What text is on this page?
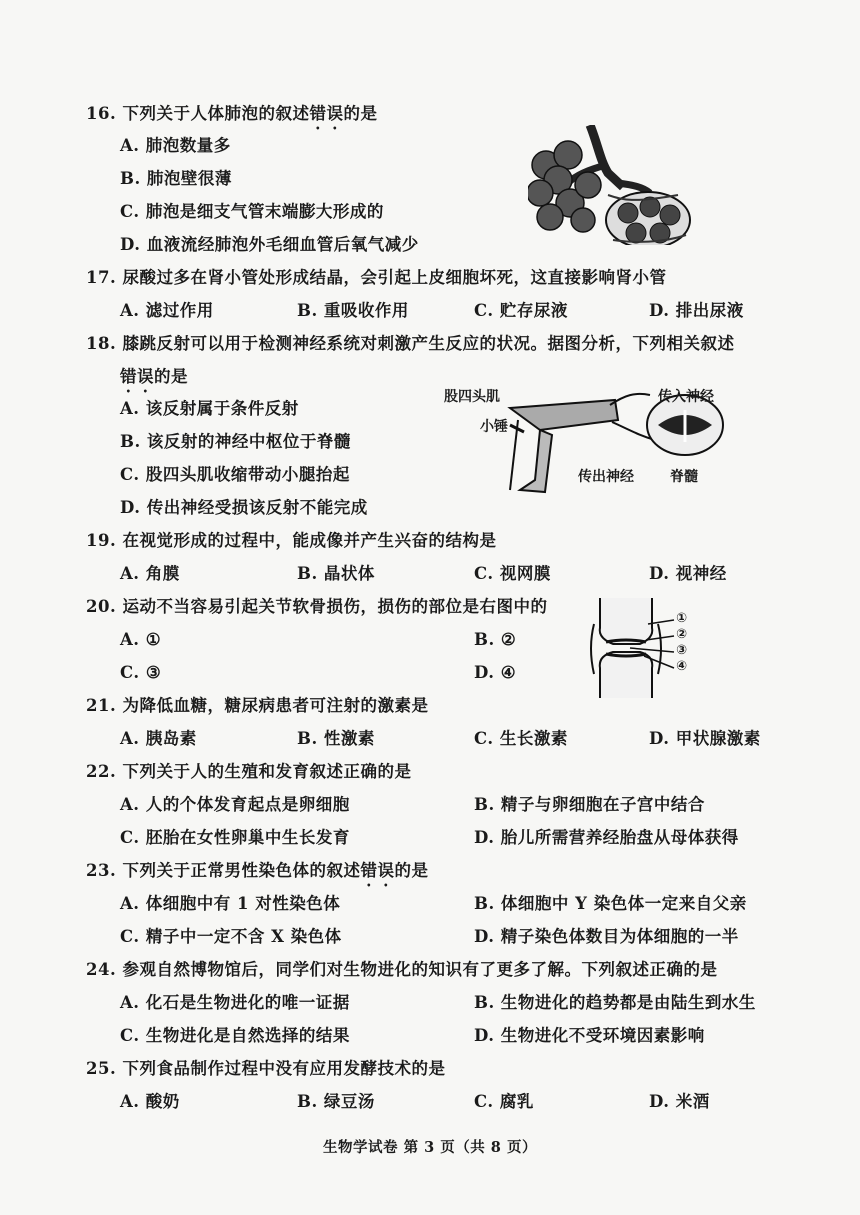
16. 下列关于人体肺泡的叙述错误的是
A. 肺泡数量多
B. 肺泡壁很薄
C. 肺泡是细支气管末端膨大形成的
D. 血液流经肺泡外毛细血管后氧气减少
17. 尿酸过多在肾小管处形成结晶，会引起上皮细胞坏死，这直接影响肾小管
A. 滤过作用	B. 重吸收作用	C. 贮存尿液	D. 排出尿液
18. 膝跳反射可以用于检测神经系统对刺激产生反应的状况。据图分析，下列相关叙述
错误的是
A. 该反射属于条件反射
B. 该反射的神经中枢位于脊髓
C. 股四头肌收缩带动小腿抬起
D. 传出神经受损该反射不能完成
股四头肌	传入神经
小锤
传出神经	脊髓
19. 在视觉形成的过程中，能成像并产生兴奋的结构是
A. 角膜	B. 晶状体	C. 视网膜	D. 视神经
20. 运动不当容易引起关节软骨损伤，损伤的部位是右图中的
A. ①	B. ②
C. ③	D. ④
①
②
③
④
21. 为降低血糖，糖尿病患者可注射的激素是
A. 胰岛素	B. 性激素	C. 生长激素	D. 甲状腺激素
22. 下列关于人的生殖和发育叙述正确的是
A. 人的个体发育起点是卵细胞	B. 精子与卵细胞在子宫中结合
C. 胚胎在女性卵巢中生长发育	D. 胎儿所需营养经胎盘从母体获得
23. 下列关于正常男性染色体的叙述错误的是
A. 体细胞中有 1 对性染色体	B. 体细胞中 Y 染色体一定来自父亲
C. 精子中一定不含 X 染色体	D. 精子染色体数目为体细胞的一半
24. 参观自然博物馆后，同学们对生物进化的知识有了更多了解。下列叙述正确的是
A. 化石是生物进化的唯一证据	B. 生物进化的趋势都是由陆生到水生
C. 生物进化是自然选择的结果	D. 生物进化不受环境因素影响
25. 下列食品制作过程中没有应用发酵技术的是
A. 酸奶	B. 绿豆汤	C. 腐乳	D. 米酒
生物学试卷 第 3 页（共 8 页）
